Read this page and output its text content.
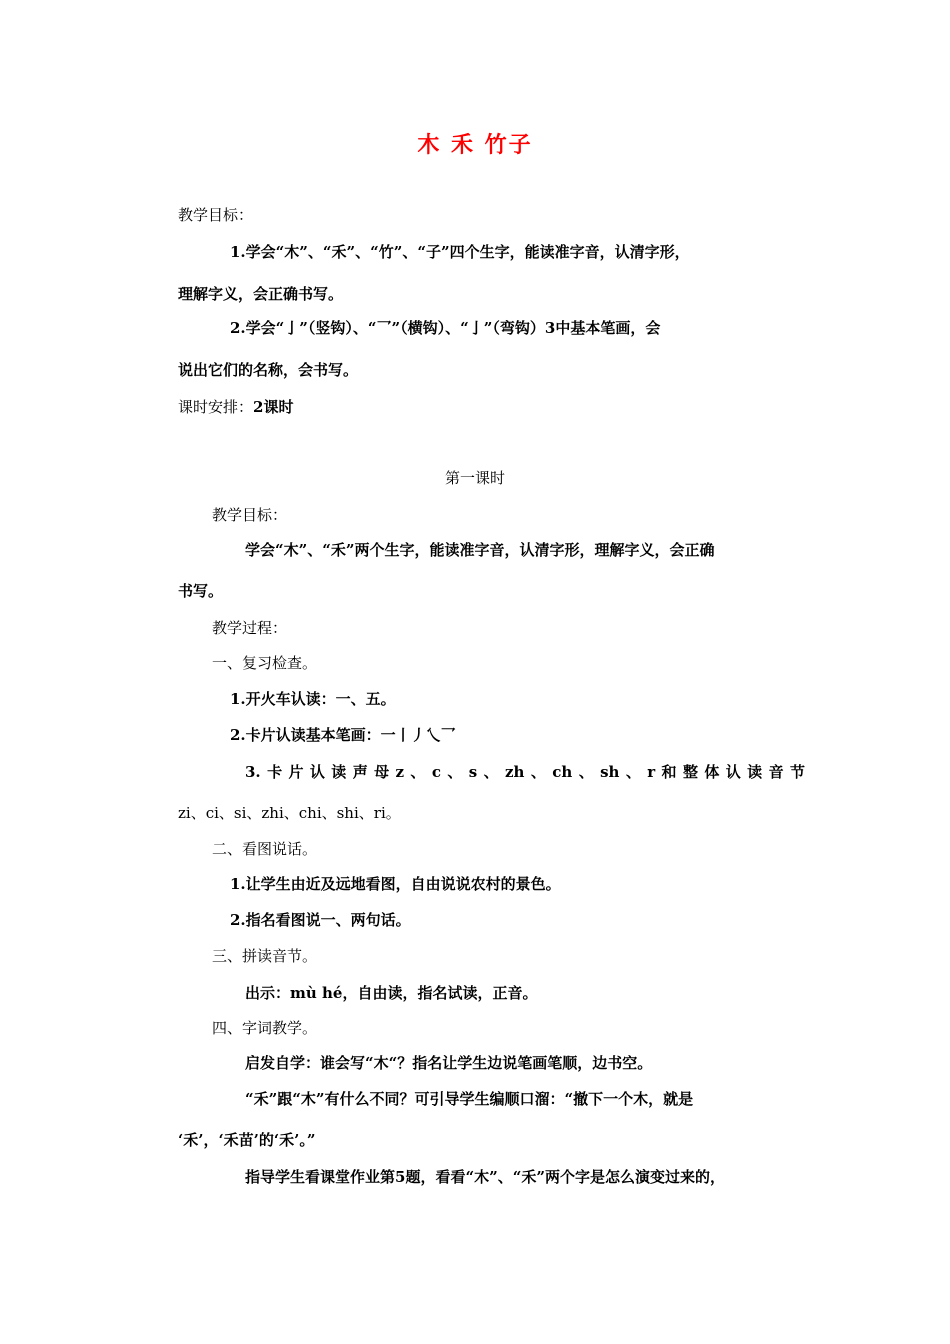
木 禾 竹子
教学目标：
1.学会“木”、“禾”、“竹”、“子”四个生字，能读准字音，认清字形，
理解字义，会正确书写。
2.学会“亅”（竖钩）、“乛”（横钩）、“亅”（弯钩）3中基本笔画，会
说出它们的名称，会书写。
课时安排：2课时
第一课时
教学目标：
学会“木”、“禾”两个生字，能读准字音，认清字形，理解字义，会正确
书写。
教学过程：
一、复习检查。
1.开火车认读：一、五。
2.卡片认读基本笔画：一丨丿乀乛
3. 卡 片 认 读 声 母 z 、 c 、 s 、 zh 、 ch 、 sh 、 r 和 整 体 认 读 音 节
zi、ci、si、zhi、chi、shi、ri。
二、看图说话。
1.让学生由近及远地看图，自由说说农村的景色。
2.指名看图说一、两句话。
三、拼读音节。
出示：mù hé，自由读，指名试读，正音。
四、字词教学。
启发自学：谁会写“木“？指名让学生边说笔画笔顺，边书空。
“禾”跟“木”有什么不同？可引导学生编顺口溜：“撤下一个木，就是
‘禾’，‘禾苗’的‘禾’。”
指导学生看课堂作业第5题，看看“木”、“禾”两个字是怎么演变过来的，
